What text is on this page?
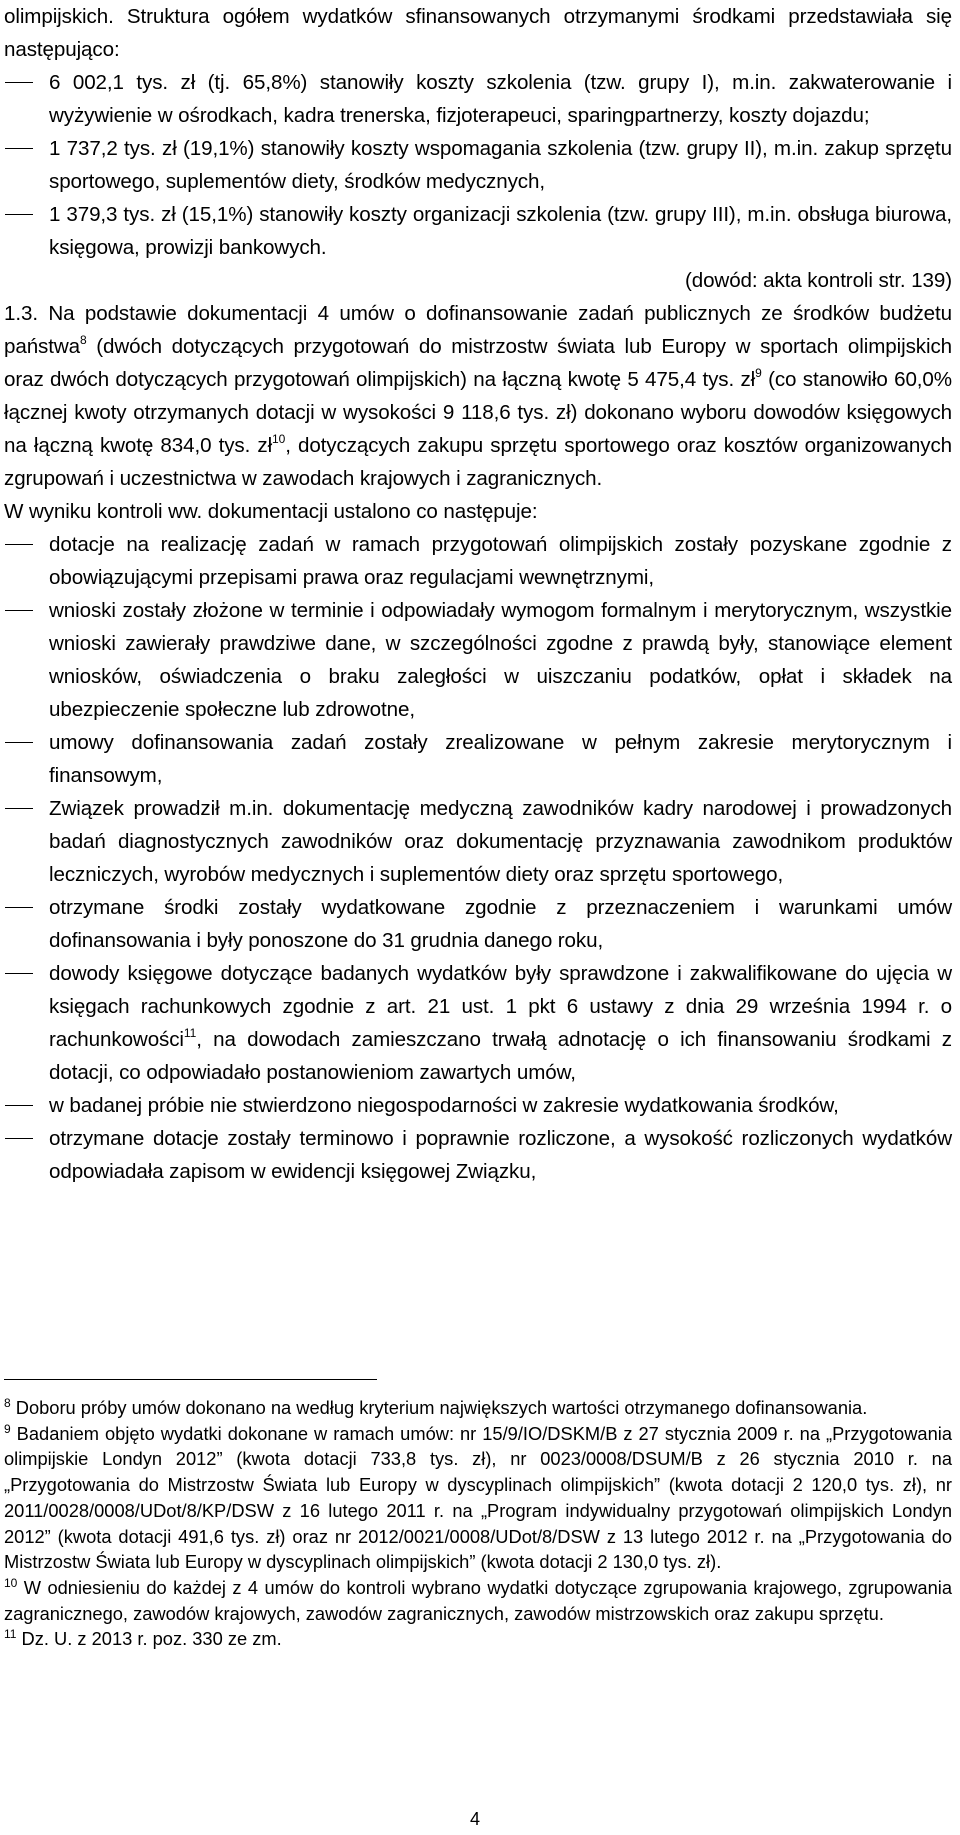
olimpijskich. Struktura ogółem wydatków sfinansowanych otrzymanymi środkami przedstawiała się następująco:

6 002,1 tys. zł (tj. 65,8%) stanowiły koszty szkolenia (tzw. grupy I), m.in. zakwaterowanie i wyżywienie w ośrodkach, kadra trenerska, fizjoterapeuci, sparingpartnerzy, koszty dojazdu;
1 737,2 tys. zł (19,1%) stanowiły koszty wspomagania szkolenia (tzw. grupy II), m.in. zakup sprzętu sportowego, suplementów diety, środków medycznych,
1 379,3 tys. zł (15,1%) stanowiły koszty organizacji szkolenia (tzw. grupy III), m.in. obsługa biurowa, księgowa, prowizji bankowych.

(dowód: akta kontroli str. 139)

1.3. Na podstawie dokumentacji 4 umów o dofinansowanie zadań publicznych ze środków budżetu państwa$^8$ (dwóch dotyczących przygotowań do mistrzostw świata lub Europy w sportach olimpijskich oraz dwóch dotyczących przygotowań olimpijskich) na łączną kwotę 5 475,4 tys. $zł^9$ (co stanowiło 60,0% łącznej kwoty otrzymanych dotacji w wysokości 9 118,6 tys. zł) dokonano wyboru dowodów księgowych na łączną kwotę 834,0 tys. $zł^{10}$, dotyczących zakupu sprzętu sportowego oraz kosztów organizowanych zgrupowań i uczestnictwa w zawodach krajowych i zagranicznych.

W wyniku kontroli ww. dokumentacji ustalono co następuje:

dotacje na realizację zadań w ramach przygotowań olimpijskich zostały pozyskane zgodnie z obowiązującymi przepisami prawa oraz regulacjami wewnętrznymi,
wnioski zostały złożone w terminie i odpowiadały wymogom formalnym i merytorycznym, wszystkie wnioski zawierały prawdziwe dane, w szczególności zgodne z prawdą były, stanowiące element wniosków, oświadczenia o braku zaległości w uiszczaniu podatków, opłat i składek na ubezpieczenie społeczne lub zdrowotne,
umowy dofinansowania zadań zostały zrealizowane w pełnym zakresie merytorycznym i finansowym,
Związek prowadził m.in. dokumentację medyczną zawodników kadry narodowej i prowadzonych badań diagnostycznych zawodników oraz dokumentację przyznawania zawodnikom produktów leczniczych, wyrobów medycznych i suplementów diety oraz sprzętu sportowego,
otrzymane środki zostały wydatkowane zgodnie z przeznaczeniem i warunkami umów dofinansowania i były ponoszone do 31 grudnia danego roku,
dowody księgowe dotyczące badanych wydatków były sprawdzone i zakwalifikowane do ujęcia w księgach rachunkowych zgodnie z art. 21 ust. 1 pkt 6 ustawy z dnia 29 września 1994 r. o rachunkowości$^{11}$, na dowodach zamieszczano trwałą adnotację o ich finansowaniu środkami z dotacji, co odpowiadało postanowieniom zawartych umów,
w badanej próbie nie stwierdzono niegospodarności w zakresie wydatkowania środków,
otrzymane dotacje zostały terminowo i poprawnie rozliczone, a wysokość rozliczonych wydatków odpowiadała zapisom w ewidencji księgowej Związku,

$^8$ Doboru próby umów dokonano na według kryterium największych wartości otrzymanego dofinansowania.

$^9$ Badaniem objęto wydatki dokonane w ramach umów: nr 15/9/IO/DSKM/B z 27 stycznia 2009 r. na „Przygotowania olimpijskie Londyn 2012” (kwota dotacji 733,8 tys. zł), nr 0023/0008/DSUM/B z 26 stycznia 2010 r. na „Przygotowania do Mistrzostw Świata lub Europy w dyscyplinach olimpijskich” (kwota dotacji 2 120,0 tys. zł), nr 2011/0028/0008/UDot/8/KP/DSW z 16 lutego 2011 r. na „Program indywidualny przygotowań olimpijskich Londyn 2012” (kwota dotacji 491,6 tys. zł) oraz nr 2012/0021/0008/UDot/8/DSW z 13 lutego 2012 r. na „Przygotowania do Mistrzostw Świata lub Europy w dyscyplinach olimpijskich” (kwota dotacji 2 130,0 tys. zł).

$^{10}$ W odniesieniu do każdej z 4 umów do kontroli wybrano wydatki dotyczące zgrupowania krajowego, zgrupowania zagranicznego, zawodów krajowych, zawodów zagranicznych, zawodów mistrzowskich oraz zakupu sprzętu.

$^{11}$ Dz. U. z 2013 r. poz. 330 ze zm.

4
